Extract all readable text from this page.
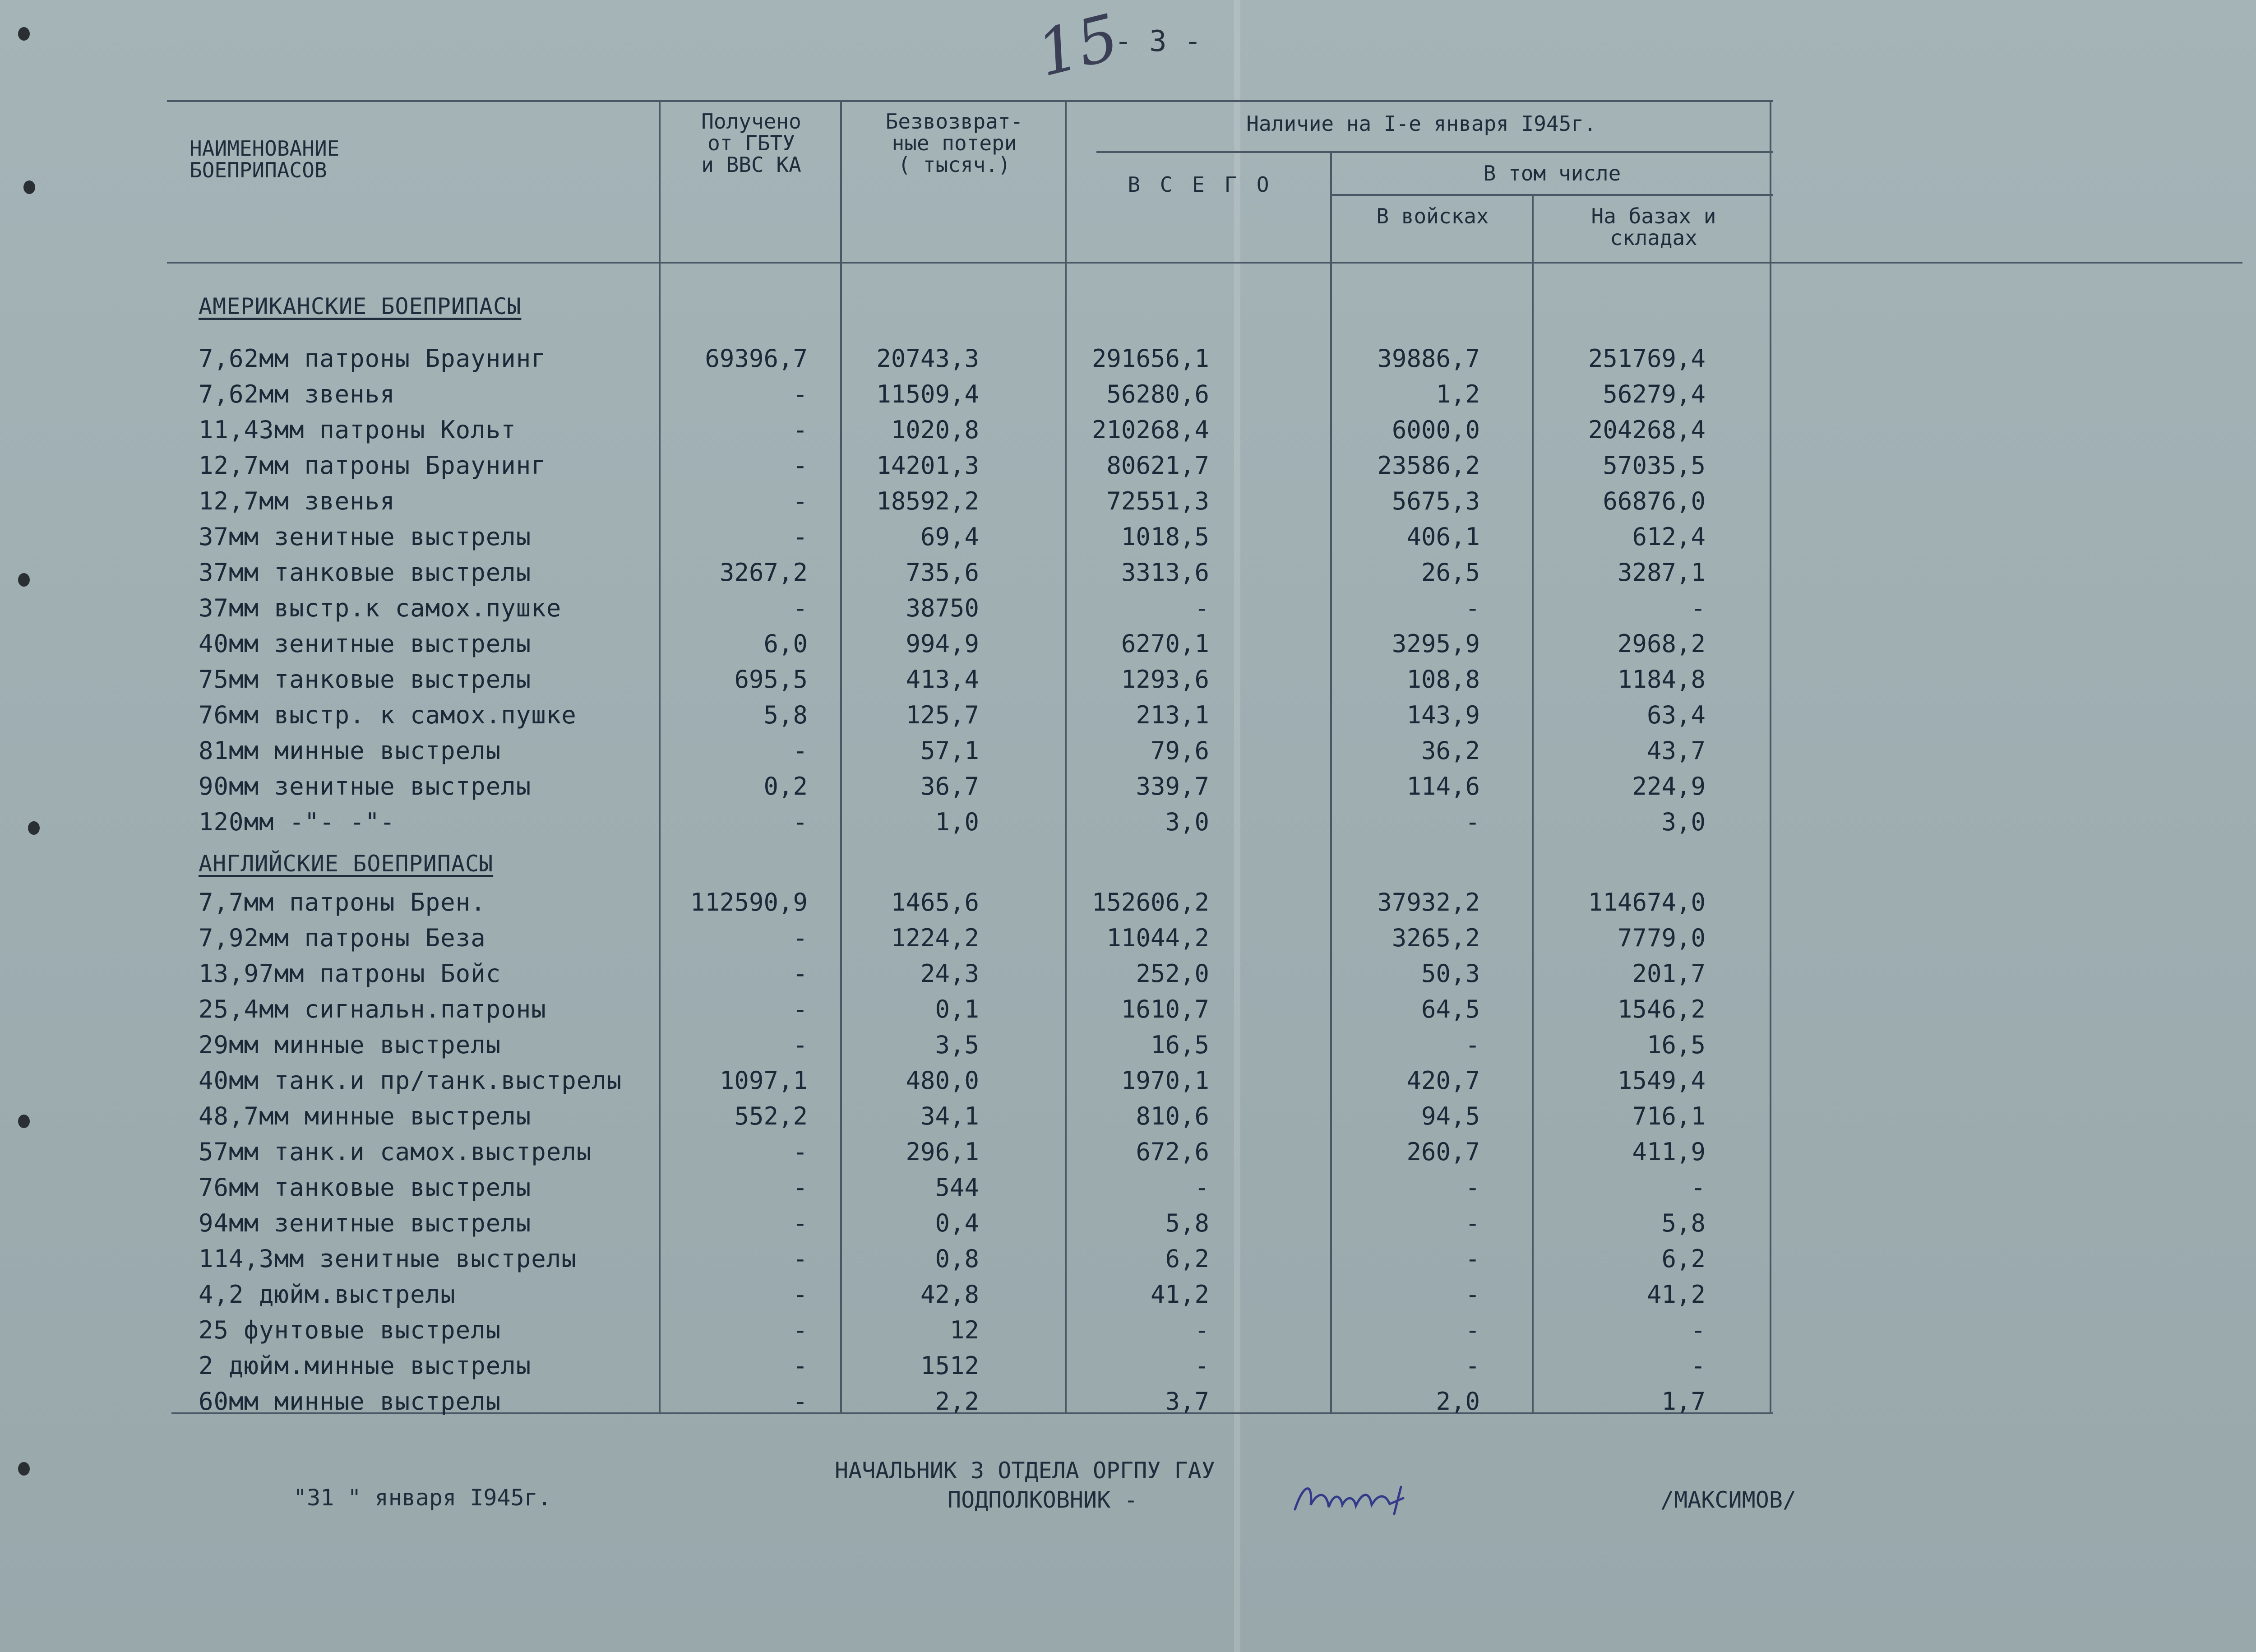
15
- 3 -
НАИМЕНОВАНИЕ
БОЕПРИПАСОВ
Получено
от ГБТУ
и ВВС КА
Безвозврат-
ные потери
( тысяч.)
Наличие на I-е января I945г.
В С Е Г О	В том числе
В войсках	На базах и
складах
АМЕРИКАНСКИЕ БОЕПРИПАСЫ
7,62мм патроны Браунинг	69396,7	20743,3	291656,1	39886,7	251769,4
7,62мм звенья	-	11509,4	56280,6	1,2	56279,4
11,43мм патроны Кольт	-	1020,8	210268,4	6000,0	204268,4
12,7мм патроны Браунинг	-	14201,3	80621,7	23586,2	57035,5
12,7мм звенья	-	18592,2	72551,3	5675,3	66876,0
37мм зенитные выстрелы	-	69,4	1018,5	406,1	612,4
37мм танковые выстрелы	3267,2	735,6	3313,6	26,5	3287,1
37мм выстр.к самох.пушке	-	38750	-	-	-
40мм зенитные выстрелы	6,0	994,9	6270,1	3295,9	2968,2
75мм танковые выстрелы	695,5	413,4	1293,6	108,8	1184,8
76мм выстр. к самох.пушке	5,8	125,7	213,1	143,9	63,4
81мм минные выстрелы	-	57,1	79,6	36,2	43,7
90мм зенитные выстрелы	0,2	36,7	339,7	114,6	224,9
120мм -"- -"-	-	1,0	3,0	-	3,0
АНГЛИЙСКИЕ БОЕПРИПАСЫ
7,7мм патроны Брен.	112590,9	1465,6	152606,2	37932,2	114674,0
7,92мм патроны Беза	-	1224,2	11044,2	3265,2	7779,0
13,97мм патроны Бойс	-	24,3	252,0	50,3	201,7
25,4мм сигнальн.патроны	-	0,1	1610,7	64,5	1546,2
29мм минные выстрелы	-	3,5	16,5	-	16,5
40мм танк.и пр/танк.выстрелы	1097,1	480,0	1970,1	420,7	1549,4
48,7мм минные выстрелы	552,2	34,1	810,6	94,5	716,1
57мм танк.и самох.выстрелы	-	296,1	672,6	260,7	411,9
76мм танковые выстрелы	-	544	-	-	-
94мм зенитные выстрелы	-	0,4	5,8	-	5,8
114,3мм зенитные выстрелы	-	0,8	6,2	-	6,2
4,2 дюйм.выстрелы	-	42,8	41,2	-	41,2
25 фунтовые выстрелы	-	12	-	-	-
2 дюйм.минные выстрелы	-	1512	-	-	-
60мм минные выстрелы	-	2,2	3,7	2,0	1,7
"31 " января I945г.
НАЧАЛЬНИК 3 ОТДЕЛА ОРГПУ ГАУ
ПОДПОЛКОВНИК -	/МАКСИМОВ/
